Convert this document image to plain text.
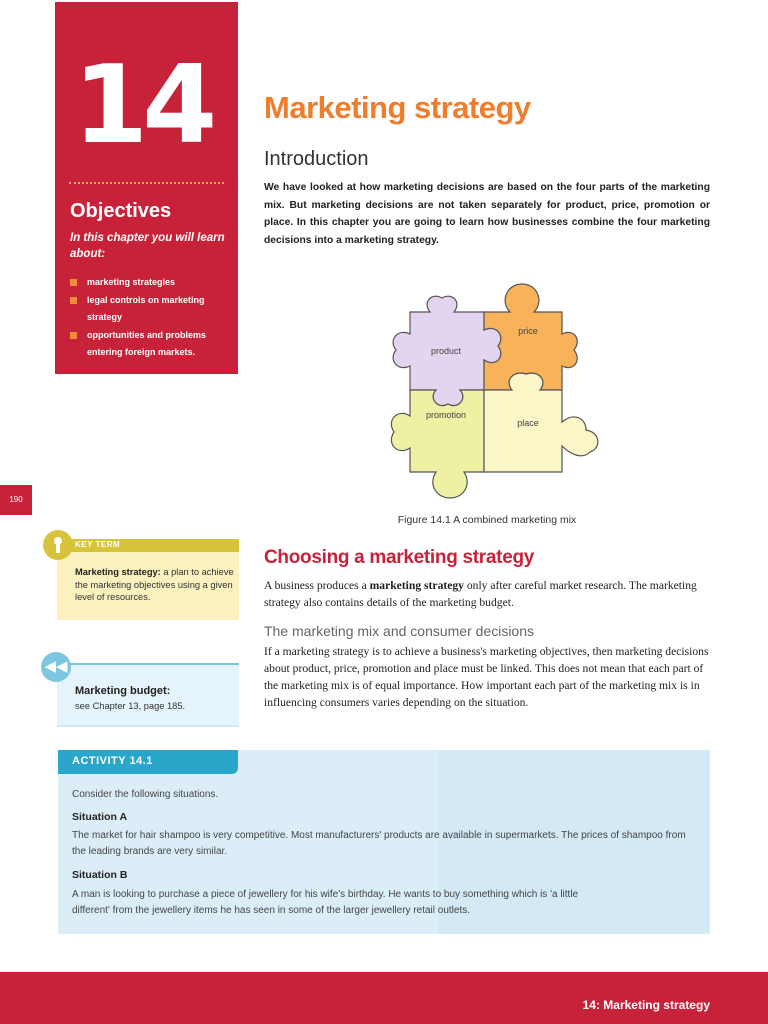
14
Objectives
In this chapter you will learn about:
marketing strategies
legal controls on marketing strategy
opportunities and problems entering foreign markets.
Marketing strategy
Introduction
We have looked at how marketing decisions are based on the four parts of the marketing mix. But marketing decisions are not taken separately for product, price, promotion or place. In this chapter you are going to learn how businesses combine the four marketing decisions into a marketing strategy.
product
price
promotion
place
Figure 14.1 A combined marketing mix
190
KEY TERM
Marketing strategy: a plan to achieve the marketing objectives using a given level of resources.
Marketing budget:
see Chapter 13, page 185.
◀◀
Choosing a marketing strategy
A business produces a marketing strategy only after careful market research. The marketing strategy also contains details of the marketing budget.
The marketing mix and consumer decisions
If a marketing strategy is to achieve a business's marketing objectives, then marketing decisions about product, price, promotion and place must be linked. This does not mean that each part of the marketing mix is of equal importance. How important each part of the marketing mix is in influencing consumers varies depending on the situation.
ACTIVITY 14.1
Consider the following situations.
Situation A
The market for hair shampoo is very competitive. Most manufacturers' products are available in supermarkets. The prices of shampoo from the leading brands are very similar.
Situation B
A man is looking to purchase a piece of jewellery for his wife's birthday. He wants to buy something which is 'a little different' from the jewellery items he has seen in some of the larger jewellery retail outlets.
14: Marketing strategy
